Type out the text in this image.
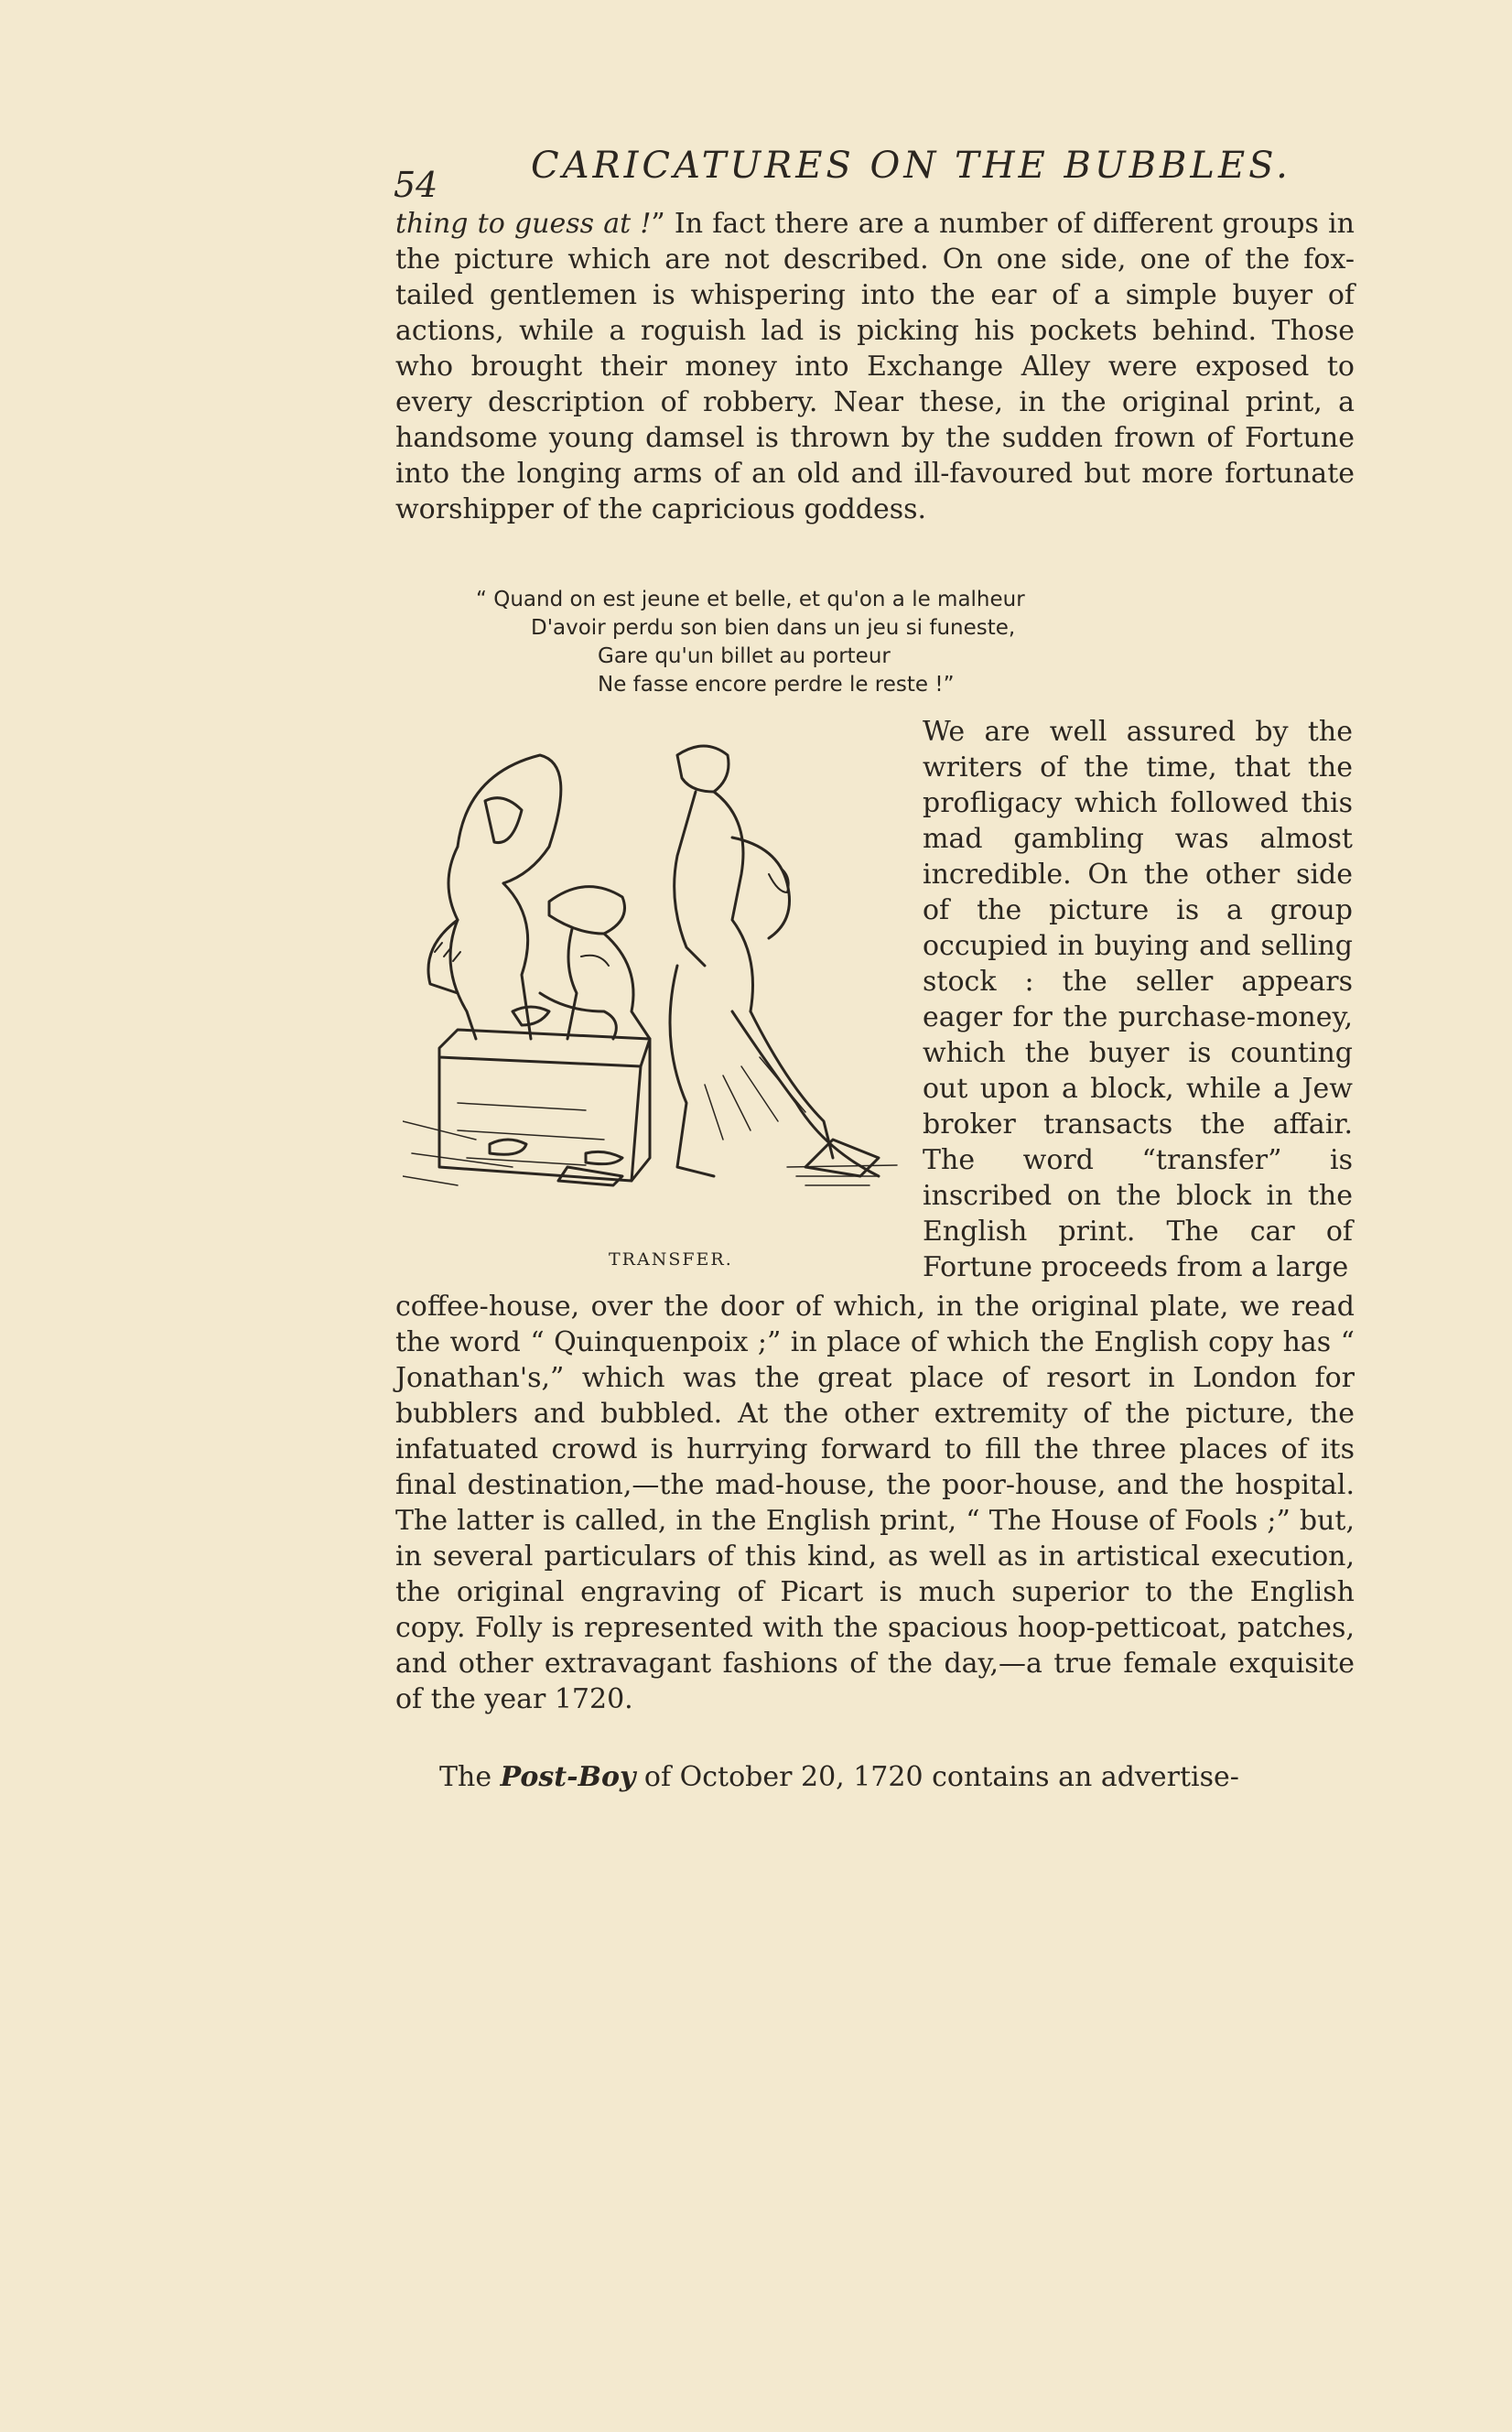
54	CARICATURES ON THE BUBBLES.

thing to guess at !” In fact there are a number of different groups in the picture which are not described. On one side, one of the fox-tailed gentlemen is whispering into the ear of a simple buyer of actions, while a roguish lad is picking his pockets behind. Those who brought their money into Exchange Alley were exposed to every description of robbery. Near these, in the original print, a handsome young damsel is thrown by the sudden frown of Fortune into the longing arms of an old and ill-favoured but more fortunate worshipper of the capricious goddess.

“ Quand on est jeune et belle, et qu'on a le malheur
D'avoir perdu son bien dans un jeu si funeste,
Gare qu'un billet au porteur
Ne fasse encore perdre le reste !”
TRANSFER.

We are well assured by the writers of the time, that the profligacy which followed this mad gambling was almost incredible. On the other side of the picture is a group occupied in buying and selling stock : the seller appears eager for the purchase-money, which the buyer is counting out upon a block, while a Jew broker transacts the affair. The word “transfer” is inscribed on the block in the English print. The car of Fortune proceeds from a large

coffee-house, over the door of which, in the original plate, we read the word “ Quinquenpoix ;” in place of which the English copy has “ Jonathan's,” which was the great place of resort in London for bubblers and bubbled. At the other extremity of the picture, the infatuated crowd is hurrying forward to fill the three places of its final destination,—the mad-house, the poor-house, and the hospital. The latter is called, in the English print, “ The House of Fools ;” but, in several particulars of this kind, as well as in artistical execution, the original engraving of Picart is much superior to the English copy. Folly is represented with the spacious hoop-petticoat, patches, and other extravagant fashions of the day,—a true female exquisite of the year 1720.

The Post-Boy of October 20, 1720 contains an advertise-
